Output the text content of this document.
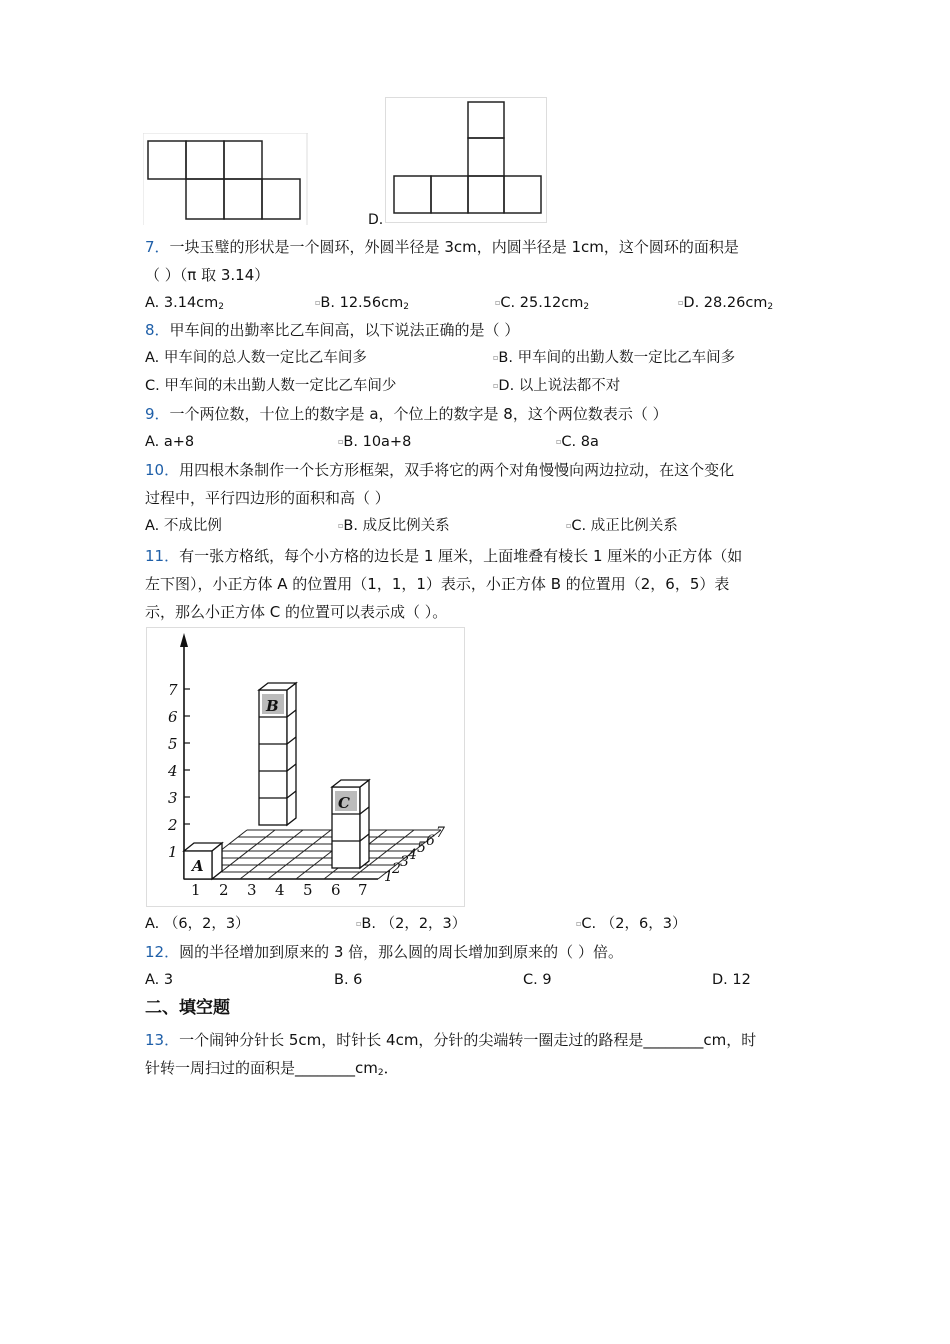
D.
7．一块玉璧的形状是一个圆环，外圆半径是 3cm，内圆半径是 1cm，这个圆环的面积是
（ ）（π 取 3.14）
A. $3.14cm_2$	▫B. $12.56cm_2$	▫C. $25.12cm_2$	▫D. $28.26cm_2$
8．甲车间的出勤率比乙车间高，以下说法正确的是（ ）
A. 甲车间的总人数一定比乙车间多	▫B. 甲车间的出勤人数一定比乙车间多
C. 甲车间的未出勤人数一定比乙车间少	▫D. 以上说法都不对
9．一个两位数，十位上的数字是 a，个位上的数字是 8，这个两位数表示（ ）
A. a+8	▫B. 10a+8	▫C. 8a
10．用四根木条制作一个长方形框架，双手将它的两个对角慢慢向两边拉动，在这个变化
过程中，平行四边形的面积和高（ ）
A. 不成比例	▫B. 成反比例关系	▫C. 成正比例关系
11．有一张方格纸，每个小方格的边长是 1 厘米，上面堆叠有棱长 1 厘米的小正方体（如
左下图），小正方体 A 的位置用（1，1，1）表示，小正方体 B 的位置用（2，6，5）表
示，那么小正方体 C 的位置可以表示成（ ）。
1
2
3
4
5
6
7
A
B
C
1 2 3 4 5 6 7
1 2 3 4 5 6 7
A. （6，2，3）	▫B. （2，2，3）	▫C. （2，6，3）
12．圆的半径增加到原来的 3 倍，那么圆的周长增加到原来的（ ）倍。
A. 3	B. 6	C. 9	D. 12
二、填空题
13．一个闹钟分针长 5cm，时针长 4cm，分针的尖端转一圈走过的路程是________cm，时
针转一周扫过的面积是$\_\_\_\_\_\_\_\_cm_2$．
